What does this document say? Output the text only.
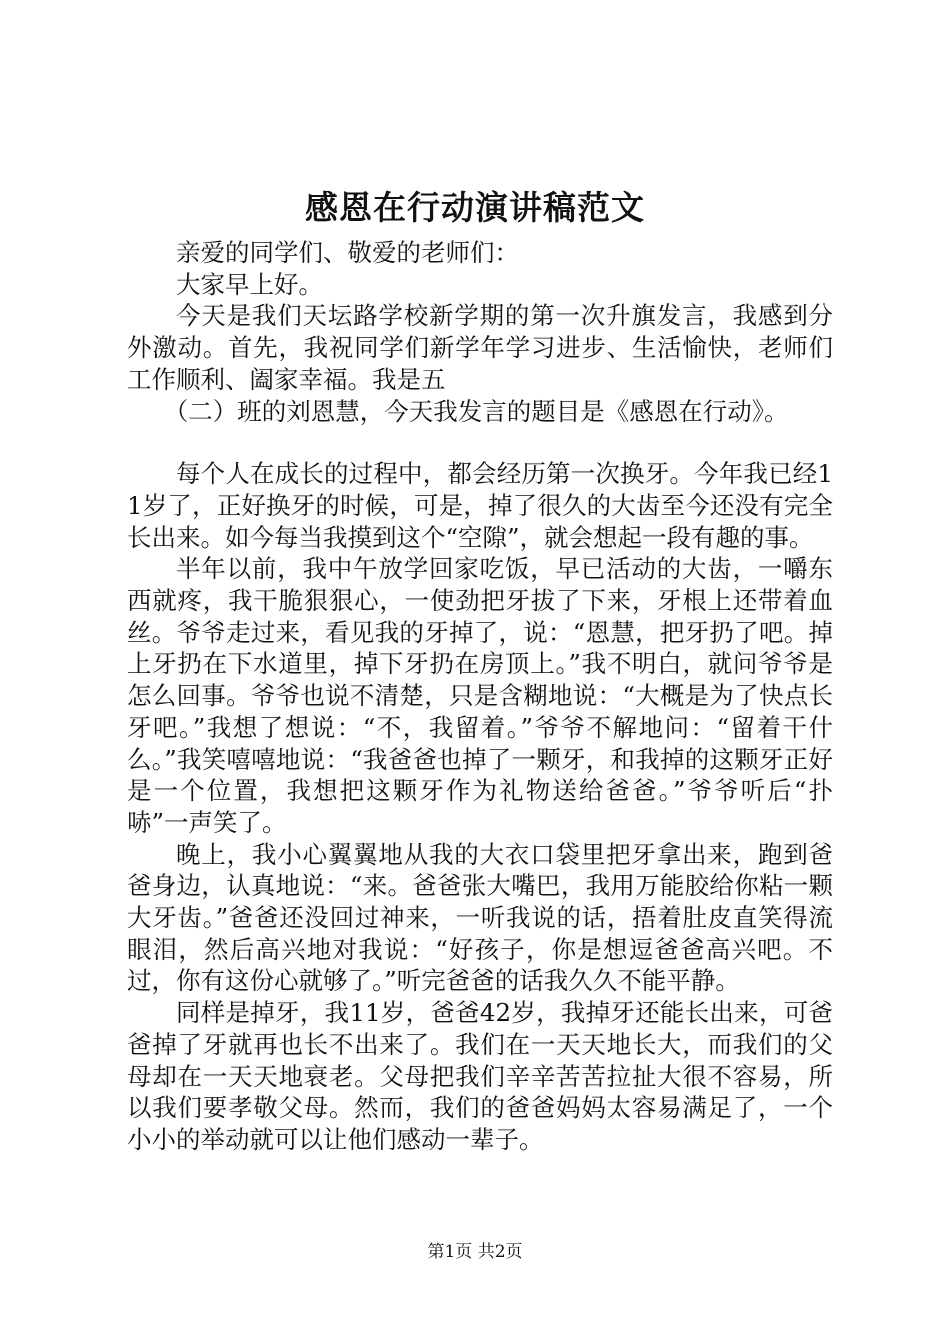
感恩在行动演讲稿范文

亲爱的同学们、敬爱的老师们：

大家早上好。

今天是我们天坛路学校新学期的第一次升旗发言，我感到分外激动。首先，我祝同学们新学年学习进步、生活愉快，老师们工作顺利、阖家幸福。我是五

（二）班的刘恩慧，今天我发言的题目是《感恩在行动》。

每个人在成长的过程中，都会经历第一次换牙。今年我已经11岁了，正好换牙的时候，可是，掉了很久的大齿至今还没有完全长出来。如今每当我摸到这个“空隙”，就会想起一段有趣的事。

半年以前，我中午放学回家吃饭，早已活动的大齿，一嚼东西就疼，我干脆狠狠心，一使劲把牙拔了下来，牙根上还带着血丝。爷爷走过来，看见我的牙掉了，说：“恩慧，把牙扔了吧。掉上牙扔在下水道里，掉下牙扔在房顶上。”我不明白，就问爷爷是怎么回事。爷爷也说不清楚，只是含糊地说：“大概是为了快点长牙吧。”我想了想说：“不，我留着。”爷爷不解地问：“留着干什么。”我笑嘻嘻地说：“我爸爸也掉了一颗牙，和我掉的这颗牙正好是一个位置，我想把这颗牙作为礼物送给爸爸。”爷爷听后“扑哧”一声笑了。

晚上，我小心翼翼地从我的大衣口袋里把牙拿出来，跑到爸爸身边，认真地说：“来。爸爸张大嘴巴，我用万能胶给你粘一颗大牙齿。”爸爸还没回过神来，一听我说的话，捂着肚皮直笑得流眼泪，然后高兴地对我说：“好孩子，你是想逗爸爸高兴吧。不过，你有这份心就够了。”听完爸爸的话我久久不能平静。

同样是掉牙，我11岁，爸爸42岁，我掉牙还能长出来，可爸爸掉了牙就再也长不出来了。我们在一天天地长大，而我们的父母却在一天天地衰老。父母把我们辛辛苦苦拉扯大很不容易，所以我们要孝敬父母。然而，我们的爸爸妈妈太容易满足了，一个小小的举动就可以让他们感动一辈子。

第1页 共2页
